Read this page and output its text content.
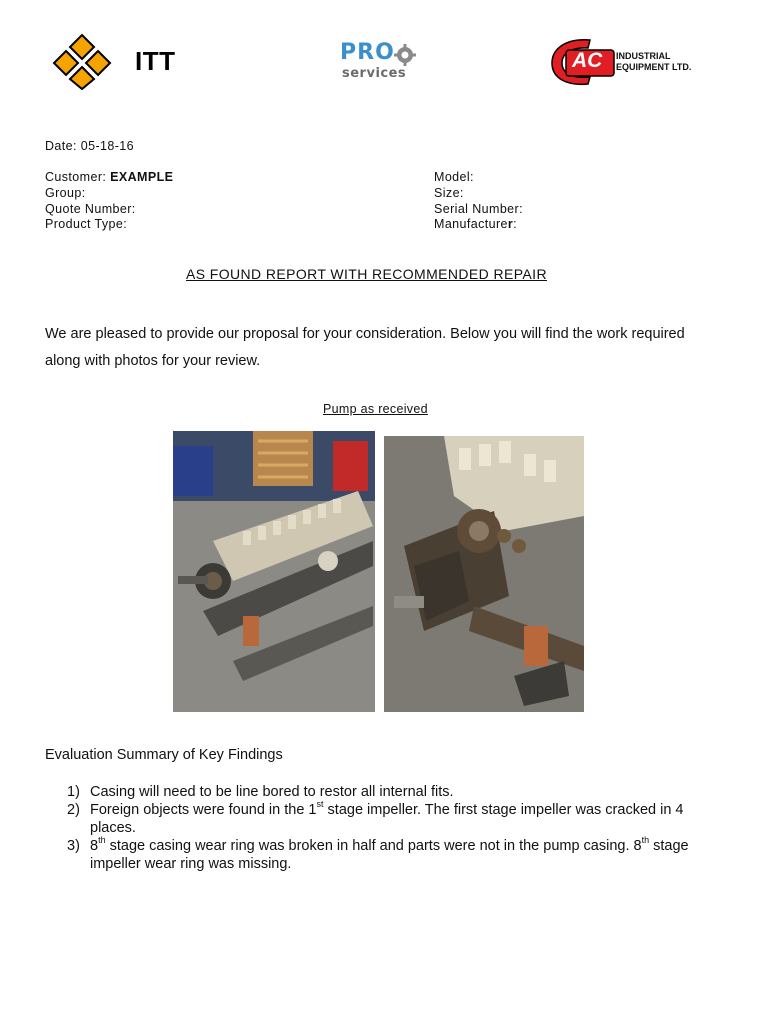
ITT	PRO
services
AC INDUSTRIAL
EQUIPMENT LTD.
Date: 05-18-16
Customer: EXAMPLE
Group:
Quote Number:
Product Type:
Model:
Size:
Serial Number:
Manufacturer:
AS FOUND REPORT WITH RECOMMENDED REPAIR
We are pleased to provide our proposal for your consideration. Below you will find the work required along with photos for your review.
Pump as received
Evaluation Summary of Key Findings
1) Casing will need to be line bored to restor all internal fits.
2) Foreign objects were found in the 1st stage impeller. The first stage impeller was cracked in 4 places.
3) 8th stage casing wear ring was broken in half and parts were not in the pump casing. 8th stage impeller wear ring was missing.
